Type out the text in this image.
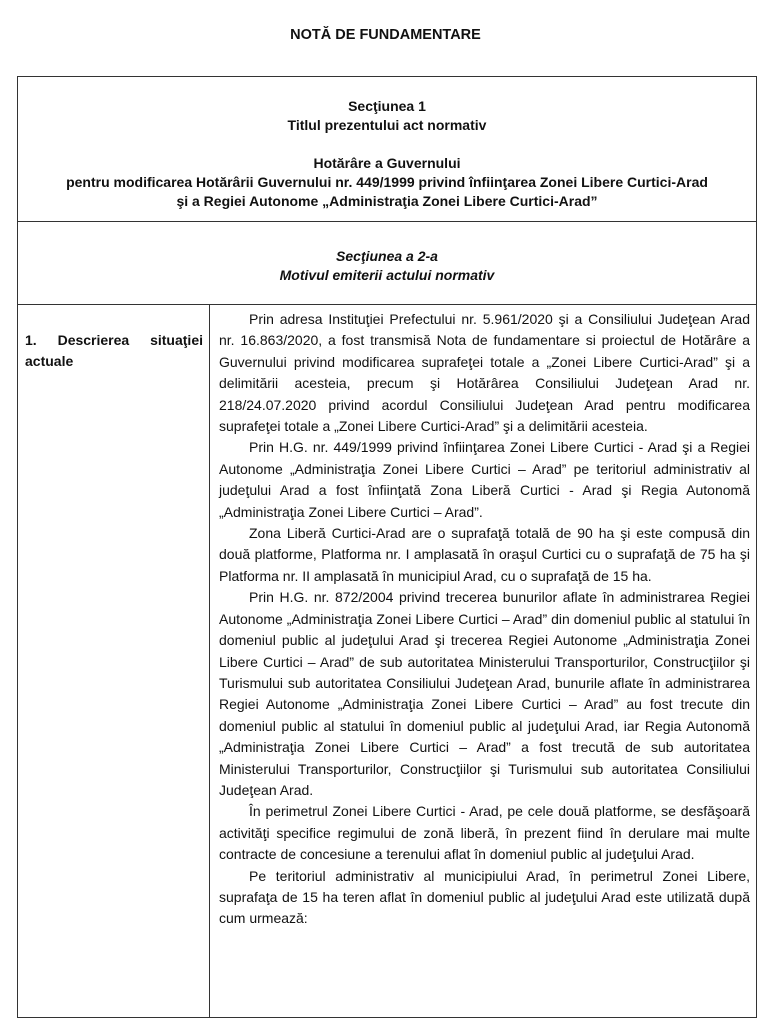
NOTĂ DE FUNDAMENTARE
Secţiunea 1
Titlul prezentului act normativ
Hotărâre a Guvernului
pentru modificarea Hotărârii Guvernului nr. 449/1999 privind înfiinţarea Zonei Libere Curtici-Arad
şi a Regiei Autonome „Administraţia Zonei Libere Curtici-Arad”
Secţiunea a 2-a
Motivul emiterii actului normativ
1. Descrierea situaţiei
actuale

Prin adresa Instituţiei Prefectului nr. 5.961/2020 şi a Consiliului Judeţean Arad nr. 16.863/2020, a fost transmisă Nota de fundamentare si proiectul de Hotărâre a Guvernului privind modificarea suprafeţei totale a „Zonei Libere Curtici-Arad” şi a delimitării acesteia, precum şi Hotărârea Consiliului Judeţean Arad nr. 218/24.07.2020 privind acordul Consiliului Judeţean Arad pentru modificarea suprafeţei totale a „Zonei Libere Curtici-Arad” şi a delimitării acesteia.

Prin H.G. nr. 449/1999 privind înfiinţarea Zonei Libere Curtici - Arad şi a Regiei Autonome „Administraţia Zonei Libere Curtici – Arad” pe teritoriul administrativ al judeţului Arad a fost înfiinţată Zona Liberă Curtici - Arad şi Regia Autonomă „Administraţia Zonei Libere Curtici – Arad”.

Zona Liberă Curtici-Arad are o suprafaţă totală de 90 ha şi este compusă din două platforme, Platforma nr. I amplasată în oraşul Curtici cu o suprafaţă de 75 ha şi Platforma nr. II amplasată în municipiul Arad, cu o suprafaţă de 15 ha.

Prin H.G. nr. 872/2004 privind trecerea bunurilor aflate în administrarea Regiei Autonome „Administraţia Zonei Libere Curtici – Arad” din domeniul public al statului în domeniul public al judeţului Arad şi trecerea Regiei Autonome „Administraţia Zonei Libere Curtici – Arad” de sub autoritatea Ministerului Transporturilor, Construcţiilor şi Turismului sub autoritatea Consiliului Judeţean Arad, bunurile aflate în administrarea Regiei Autonome „Administraţia Zonei Libere Curtici – Arad” au fost trecute din domeniul public al statului în domeniul public al judeţului Arad, iar Regia Autonomă „Administraţia Zonei Libere Curtici – Arad” a fost trecută de sub autoritatea Ministerului Transporturilor, Construcţiilor şi Turismului sub autoritatea Consiliului Judeţean Arad.

În perimetrul Zonei Libere Curtici - Arad, pe cele două platforme, se desfăşoară activităţi specifice regimului de zonă liberă, în prezent fiind în derulare mai multe contracte de concesiune a terenului aflat în domeniul public al judeţului Arad.

Pe teritoriul administrativ al municipiului Arad, în perimetrul Zonei Libere, suprafaţa de 15 ha teren aflat în domeniul public al judeţului Arad este utilizată după cum urmează:
